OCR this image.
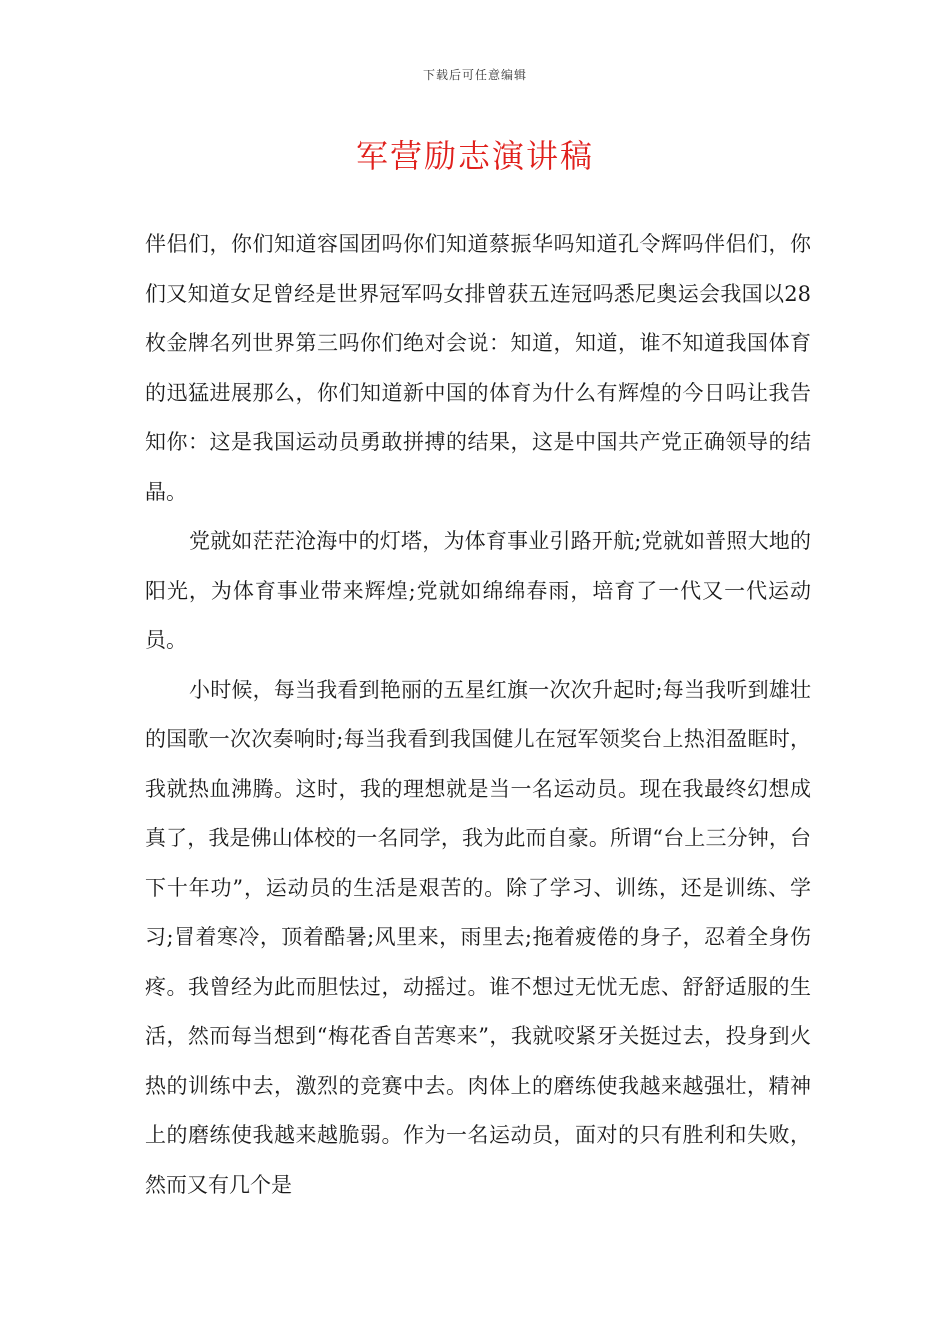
下载后可任意编辑
军营励志演讲稿

伴侣们，你们知道容国团吗你们知道蔡振华吗知道孔令辉吗伴侣们，你们又知道女足曾经是世界冠军吗女排曾获五连冠吗悉尼奥运会我国以28枚金牌名列世界第三吗你们绝对会说：知道，知道，谁不知道我国体育的迅猛进展那么，你们知道新中国的体育为什么有辉煌的今日吗让我告知你：这是我国运动员勇敢拼搏的结果，这是中国共产党正确领导的结晶。

党就如茫茫沧海中的灯塔，为体育事业引路开航;党就如普照大地的阳光，为体育事业带来辉煌;党就如绵绵春雨，培育了一代又一代运动员。

小时候，每当我看到艳丽的五星红旗一次次升起时;每当我听到雄壮的国歌一次次奏响时;每当我看到我国健儿在冠军领奖台上热泪盈眶时，我就热血沸腾。这时，我的理想就是当一名运动员。现在我最终幻想成真了，我是佛山体校的一名同学，我为此而自豪。所谓“台上三分钟，台下十年功”，运动员的生活是艰苦的。除了学习、训练，还是训练、学习;冒着寒冷，顶着酷暑;风里来，雨里去;拖着疲倦的身子，忍着全身伤疼。我曾经为此而胆怯过，动摇过。谁不想过无忧无虑、舒舒适服的生活，然而每当想到“梅花香自苦寒来”，我就咬紧牙关挺过去，投身到火热的训练中去，激烈的竞赛中去。肉体上的磨练使我越来越强壮，精神上的磨练使我越来越脆弱。作为一名运动员，面对的只有胜利和失败，然而又有几个是
